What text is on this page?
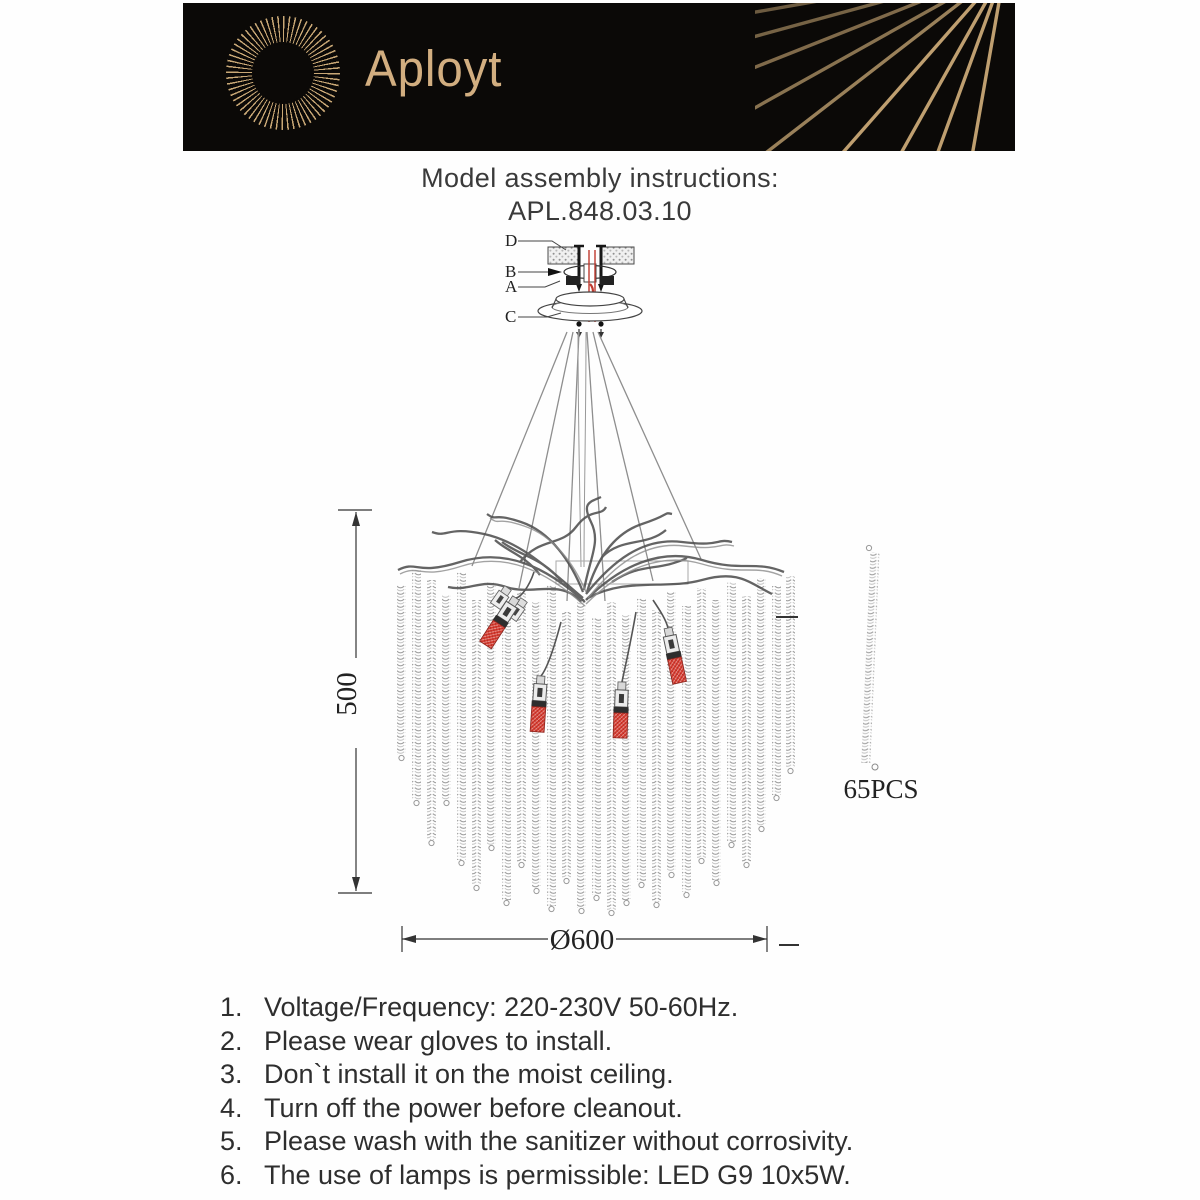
Aployt
Model assembly instructions:
APL.848.03.10
D
B
A
C
500
Ø600
65PCS
1. Voltage/Frequency: 220-230V 50-60Hz.
2. Please wear gloves to install.
3. Don`t install it on the moist ceiling.
4. Turn off the power before cleanout.
5. Please wash with the sanitizer without corrosivity.
6. The use of lamps is permissible: LED G9 10x5W.
